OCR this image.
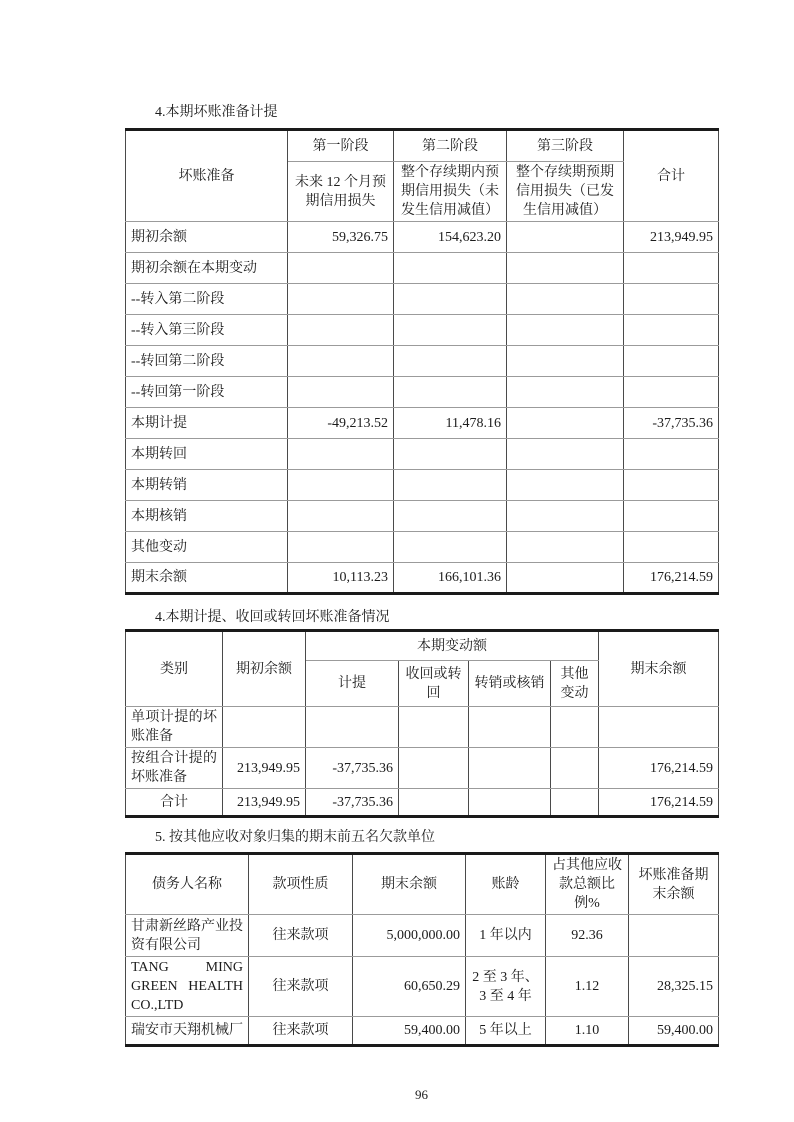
4.本期坏账准备计提
坏账准备	第一阶段	第二阶段	第三阶段	合计
	未来 12 个月预期信用损失	整个存续期内预期信用损失（未发生信用减值）	整个存续期预期信用损失（已发生信用减值）	
期初余额	59,326.75	154,623.20		213,949.95
期初余额在本期变动				
--转入第二阶段				
--转入第三阶段				
--转回第二阶段				
--转回第一阶段				
本期计提	-49,213.52	11,478.16		-37,735.36
本期转回				
本期转销				
本期核销				
其他变动				
期末余额	10,113.23	166,101.36		176,214.59
4.本期计提、收回或转回坏账准备情况
类别	期初余额	本期变动额				期末余额
		计提	收回或转回	转销或核销	其他变动	
单项计提的坏账准备						
按组合计提的坏账准备	213,949.95	-37,735.36				176,214.59
合计	213,949.95	-37,735.36				176,214.59
5. 按其他应收对象归集的期末前五名欠款单位
债务人名称	款项性质	期末余额	账龄	占其他应收款总额比例%	坏账准备期末余额
甘肃新丝路产业投资有限公司	往来款项	5,000,000.00	1 年以内	92.36	
TANG MING GREEN HEALTH CO.,LTD	往来款项	60,650.29	2 至 3 年、3 至 4 年	1.12	28,325.15
瑞安市天翔机械厂	往来款项	59,400.00	5 年以上	1.10	59,400.00
96
